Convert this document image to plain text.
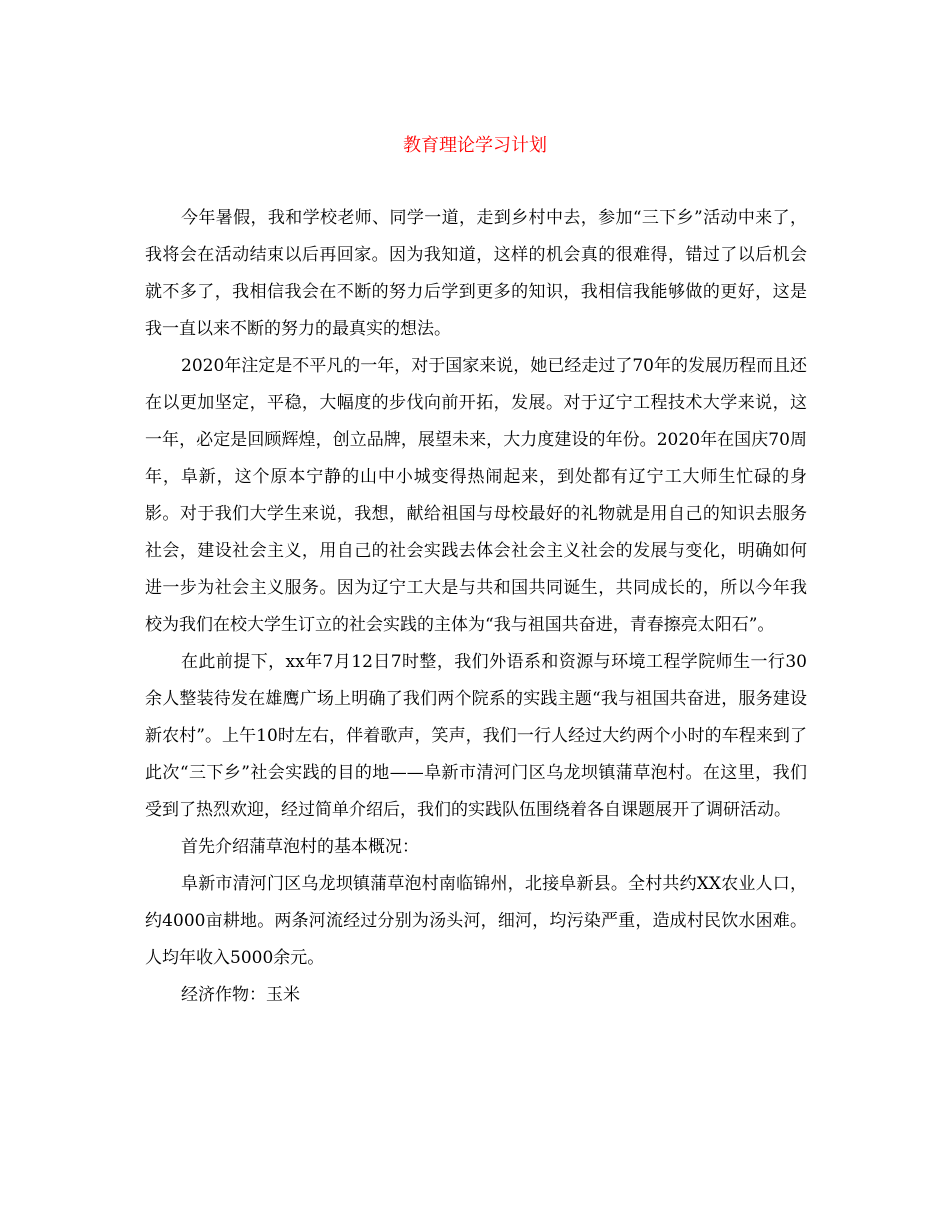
教育理论学习计划

今年暑假，我和学校老师、同学一道，走到乡村中去，参加“三下乡”活动中来了，我将会在活动结束以后再回家。因为我知道，这样的机会真的很难得，错过了以后机会就不多了，我相信我会在不断的努力后学到更多的知识，我相信我能够做的更好，这是我一直以来不断的努力的最真实的想法。

2020年注定是不平凡的一年，对于国家来说，她已经走过了70年的发展历程而且还在以更加坚定，平稳，大幅度的步伐向前开拓，发展。对于辽宁工程技术大学来说，这一年，必定是回顾辉煌，创立品牌，展望未来，大力度建设的年份。2020年在国庆70周年，阜新，这个原本宁静的山中小城变得热闹起来，到处都有辽宁工大师生忙碌的身影。对于我们大学生来说，我想，献给祖国与母校最好的礼物就是用自己的知识去服务社会，建设社会主义，用自己的社会实践去体会社会主义社会的发展与变化，明确如何进一步为社会主义服务。因为辽宁工大是与共和国共同诞生，共同成长的，所以今年我校为我们在校大学生订立的社会实践的主体为“我与祖国共奋进，青春擦亮太阳石”。

在此前提下，xx年7月12日7时整，我们外语系和资源与环境工程学院师生一行30余人整装待发在雄鹰广场上明确了我们两个院系的实践主题“我与祖国共奋进，服务建设新农村”。上午10时左右，伴着歌声，笑声，我们一行人经过大约两个小时的车程来到了此次“三下乡”社会实践的目的地——阜新市清河门区乌龙坝镇蒲草泡村。在这里，我们受到了热烈欢迎，经过简单介绍后，我们的实践队伍围绕着各自课题展开了调研活动。

首先介绍蒲草泡村的基本概况：

阜新市清河门区乌龙坝镇蒲草泡村南临锦州，北接阜新县。全村共约XX农业人口，约4000亩耕地。两条河流经过分别为汤头河，细河，均污染严重，造成村民饮水困难。人均年收入5000余元。

经济作物：玉米
